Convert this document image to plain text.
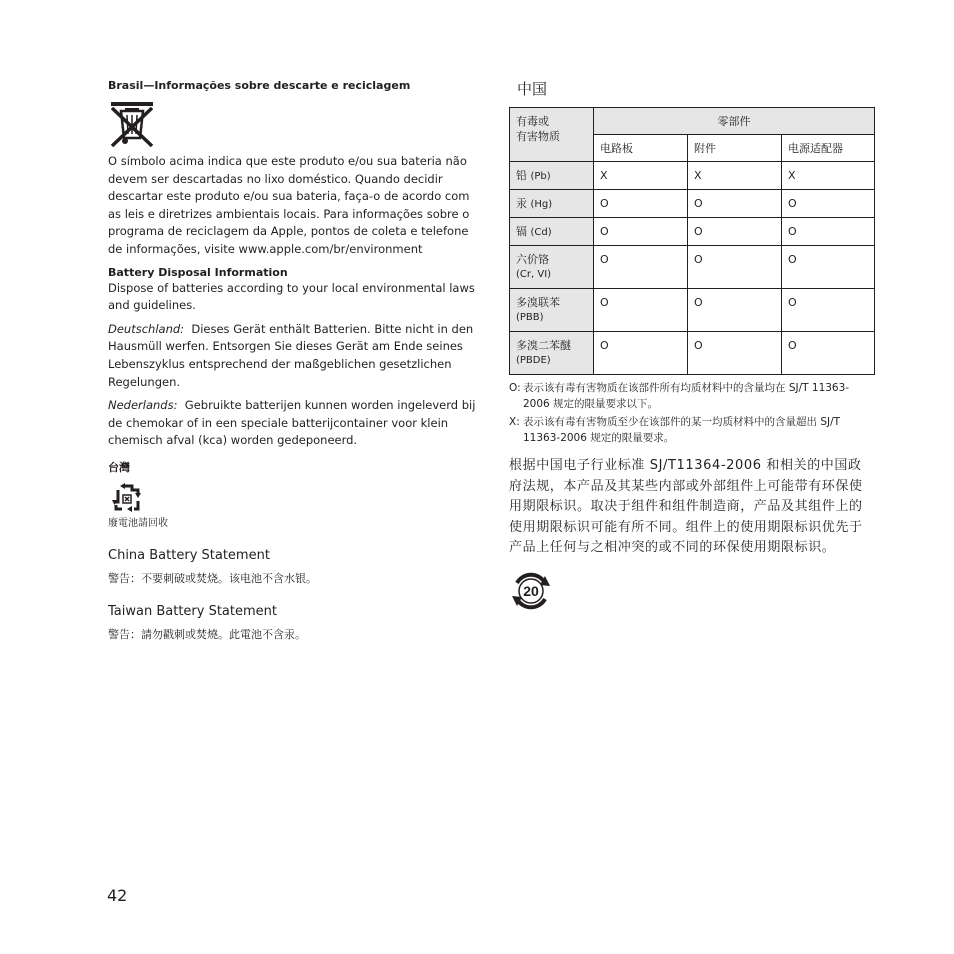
Brasil—Informações sobre descarte e reciclagem

O símbolo acima indica que este produto e/ou sua bateria não devem ser descartadas no lixo doméstico. Quando decidir descartar este produto e/ou sua bateria, faça-o de acordo com as leis e diretrizes ambientais locais. Para informações sobre o programa de reciclagem da Apple, pontos de coleta e telefone de informações, visite www.apple.com/br/environment

Battery Disposal Information

Dispose of batteries according to your local environmental laws and guidelines.

Deutschland: Dieses Gerät enthält Batterien. Bitte nicht in den Hausmüll werfen. Entsorgen Sie dieses Gerät am Ende seines Lebenszyklus entsprechend der maßgeblichen gesetzlichen Regelungen.

Nederlands: Gebruikte batterijen kunnen worden ingeleverd bij de chemokar of in een speciale batterijcontainer voor klein chemisch afval (kca) worden gedeponeerd.

台灣
廢電池請回收
China Battery Statement
警告：不要刺破或焚烧。该电池不含水银。
Taiwan Battery Statement
警告：請勿戳刺或焚燒。此電池不含汞。
中国
有毒或
有害物质	零部件		
	电路板	附件	电源适配器
铅 (Pb)	X	X	X
汞 (Hg)	O	O	O
镉 (Cd)	O	O	O

六价铬
(Cr, VI)	O	O	O

多溴联苯
(PBB)	O	O	O

多溴二苯醚
(PBDE)	O	O	O
O: 表示该有毒有害物质在该部件所有均质材料中的含量均在 SJ/T 11363-2006 规定的限量要求以下。
X: 表示该有毒有害物质至少在该部件的某一均质材料中的含量超出 SJ/T 11363-2006 规定的限量要求。

根据中国电子行业标准 SJ/T11364-2006 和相关的中国政府法规，本产品及其某些内部或外部组件上可能带有环保使用期限标识。取决于组件和组件制造商，产品及其组件上的使用期限标识可能有所不同。组件上的使用期限标识优先于产品上任何与之相冲突的或不同的环保使用期限标识。

20
42
